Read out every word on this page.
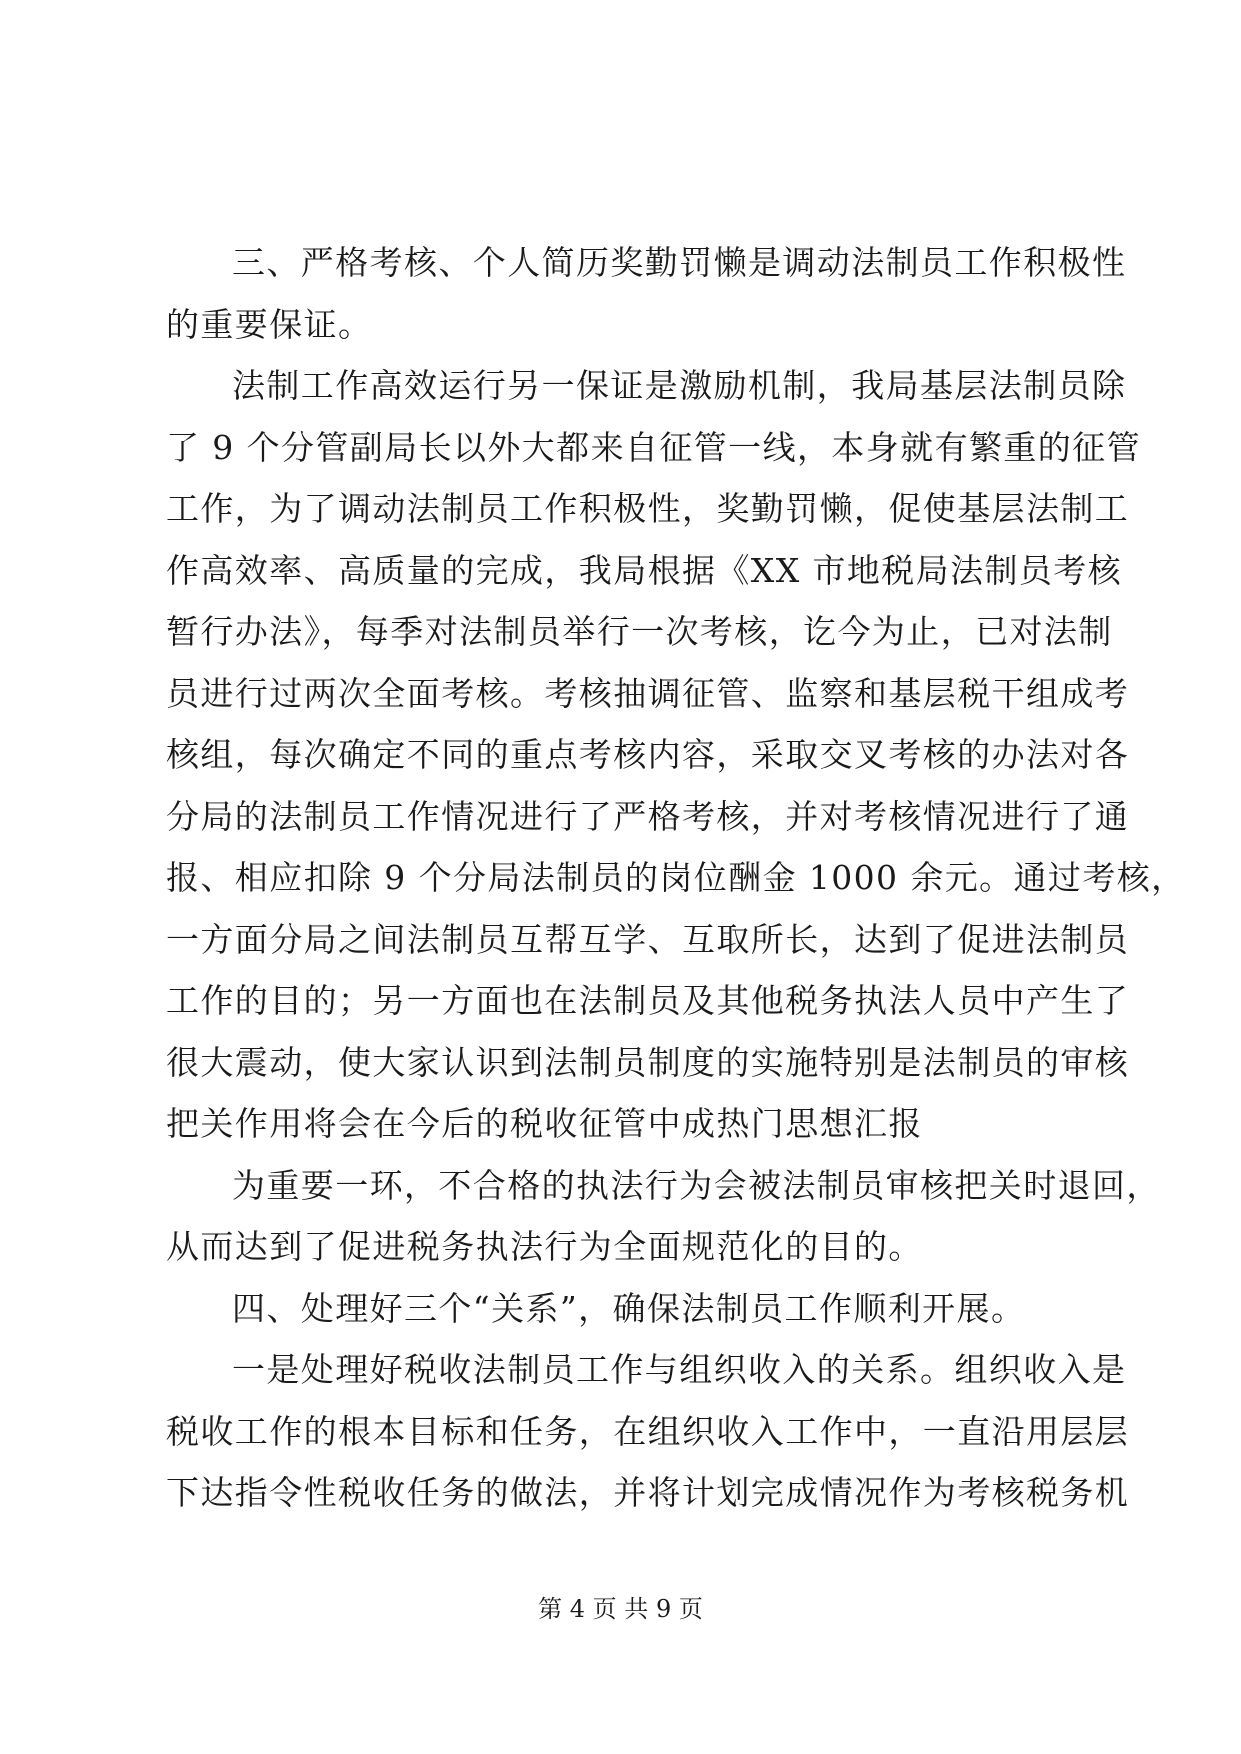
三、严格考核、个人简历奖勤罚懒是调动法制员工作积极性
的重要保证。
法制工作高效运行另一保证是激励机制，我局基层法制员除
了 9 个分管副局长以外大都来自征管一线，本身就有繁重的征管
工作，为了调动法制员工作积极性，奖勤罚懒，促使基层法制工
作高效率、高质量的完成，我局根据《XX 市地税局法制员考核
暂行办法》，每季对法制员举行一次考核，讫今为止，已对法制
员进行过两次全面考核。考核抽调征管、监察和基层税干组成考
核组，每次确定不同的重点考核内容，采取交叉考核的办法对各
分局的法制员工作情况进行了严格考核，并对考核情况进行了通
报、相应扣除 9 个分局法制员的岗位酬金 1000 余元。通过考核，
一方面分局之间法制员互帮互学、互取所长，达到了促进法制员
工作的目的；另一方面也在法制员及其他税务执法人员中产生了
很大震动，使大家认识到法制员制度的实施特别是法制员的审核
把关作用将会在今后的税收征管中成热门思想汇报
为重要一环，不合格的执法行为会被法制员审核把关时退回，
从而达到了促进税务执法行为全面规范化的目的。
四、处理好三个“关系”，确保法制员工作顺利开展。
一是处理好税收法制员工作与组织收入的关系。组织收入是
税收工作的根本目标和任务，在组织收入工作中，一直沿用层层
下达指令性税收任务的做法，并将计划完成情况作为考核税务机
第 4 页 共 9 页
